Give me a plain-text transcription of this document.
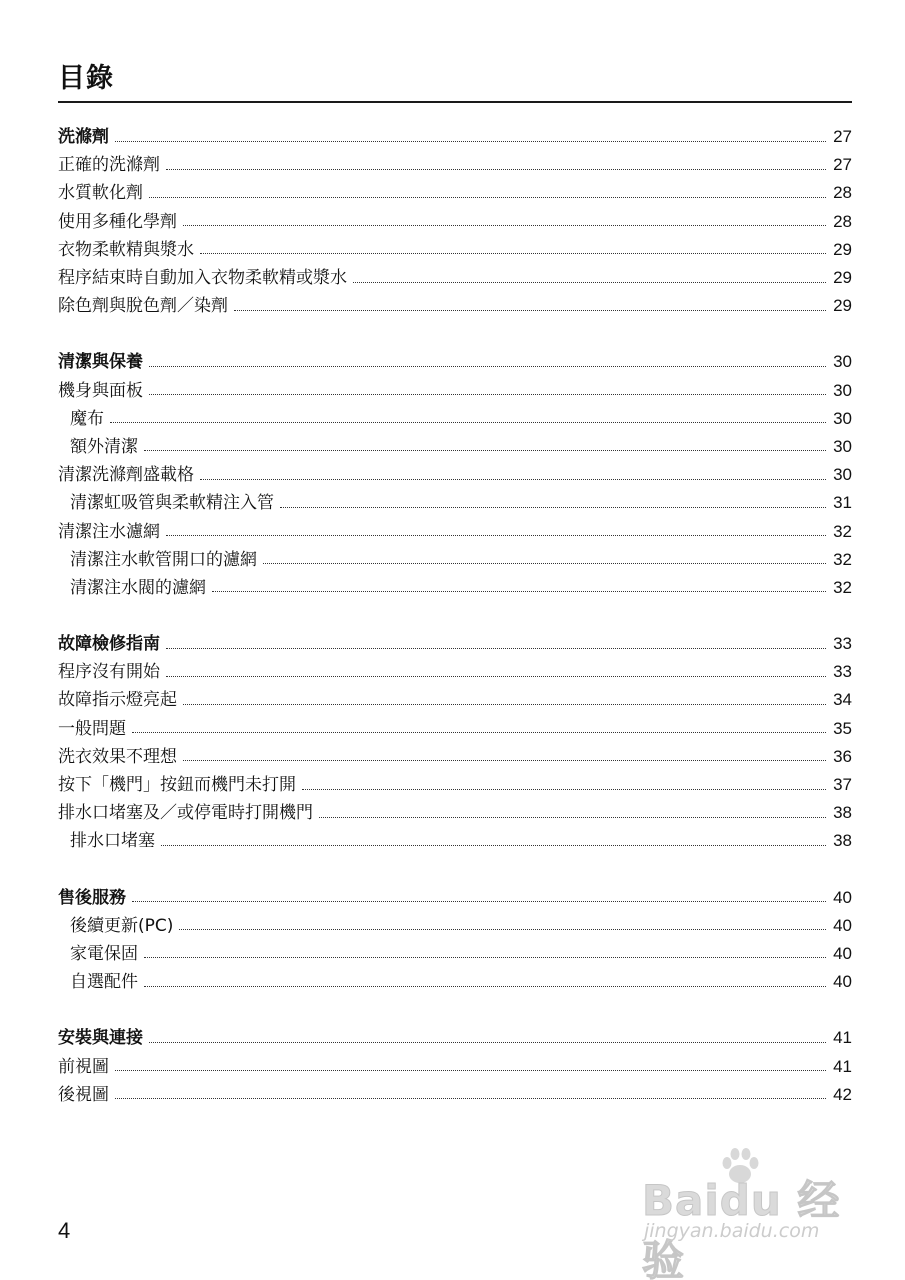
目錄
洗滌劑	27
正確的洗滌劑	27
水質軟化劑	28
使用多種化學劑	28
衣物柔軟精與漿水	29
程序結束時自動加入衣物柔軟精或漿水	29
除色劑與脫色劑／染劑	29
清潔與保養	30
機身與面板	30
魔布	30
額外清潔	30
清潔洗滌劑盛載格	30
清潔虹吸管與柔軟精注入管	31
清潔注水濾網	32
清潔注水軟管開口的濾網	32
清潔注水閥的濾網	32
故障檢修指南	33
程序沒有開始	33
故障指示燈亮起	34
一般問題	35
洗衣效果不理想	36
按下「機門」按鈕而機門未打開	37
排水口堵塞及／或停電時打開機門	38
排水口堵塞	38
售後服務	40
後續更新(PC)	40
家電保固	40
自選配件	40
安裝與連接	41
前視圖	41
後視圖	42
4
Baidu 经验
jingyan.baidu.com
